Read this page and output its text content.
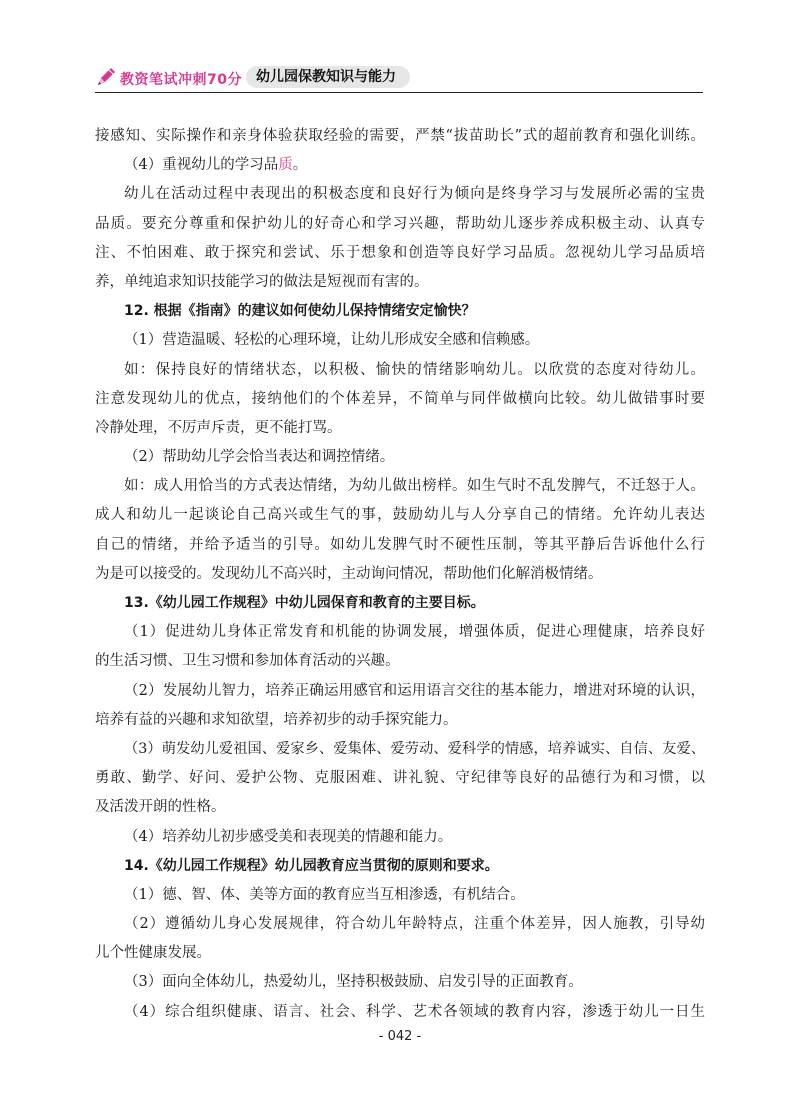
教资笔试冲刺70分	幼儿园保教知识与能力
接感知、实际操作和亲身体验获取经验的需要，严禁“拔苗助长”式的超前教育和强化训练。
（4）重视幼儿的学习品质。
幼儿在活动过程中表现出的积极态度和良好行为倾向是终身学习与发展所必需的宝贵
品质。要充分尊重和保护幼儿的好奇心和学习兴趣，帮助幼儿逐步养成积极主动、认真专
注、不怕困难、敢于探究和尝试、乐于想象和创造等良好学习品质。忽视幼儿学习品质培
养，单纯追求知识技能学习的做法是短视而有害的。
12. 根据《指南》的建议如何使幼儿保持情绪安定愉快？
（1）营造温暖、轻松的心理环境，让幼儿形成安全感和信赖感。
如：保持良好的情绪状态，以积极、愉快的情绪影响幼儿。以欣赏的态度对待幼儿。
注意发现幼儿的优点，接纳他们的个体差异，不简单与同伴做横向比较。幼儿做错事时要
冷静处理，不厉声斥责，更不能打骂。
（2）帮助幼儿学会恰当表达和调控情绪。
如：成人用恰当的方式表达情绪，为幼儿做出榜样。如生气时不乱发脾气，不迁怒于人。
成人和幼儿一起谈论自己高兴或生气的事，鼓励幼儿与人分享自己的情绪。允许幼儿表达
自己的情绪，并给予适当的引导。如幼儿发脾气时不硬性压制，等其平静后告诉他什么行
为是可以接受的。发现幼儿不高兴时，主动询问情况，帮助他们化解消极情绪。
13.《幼儿园工作规程》中幼儿园保育和教育的主要目标。
（1）促进幼儿身体正常发育和机能的协调发展，增强体质，促进心理健康，培养良好
的生活习惯、卫生习惯和参加体育活动的兴趣。
（2）发展幼儿智力，培养正确运用感官和运用语言交往的基本能力，增进对环境的认识，
培养有益的兴趣和求知欲望，培养初步的动手探究能力。
（3）萌发幼儿爱祖国、爱家乡、爱集体、爱劳动、爱科学的情感，培养诚实、自信、友爱、
勇敢、勤学、好问、爱护公物、克服困难、讲礼貌、守纪律等良好的品德行为和习惯，以
及活泼开朗的性格。
（4）培养幼儿初步感受美和表现美的情趣和能力。
14.《幼儿园工作规程》幼儿园教育应当贯彻的原则和要求。
（1）德、智、体、美等方面的教育应当互相渗透，有机结合。
（2）遵循幼儿身心发展规律，符合幼儿年龄特点，注重个体差异，因人施教，引导幼
儿个性健康发展。
（3）面向全体幼儿，热爱幼儿，坚持积极鼓励、启发引导的正面教育。
（4）综合组织健康、语言、社会、科学、艺术各领域的教育内容，渗透于幼儿一日生
- 042 -
